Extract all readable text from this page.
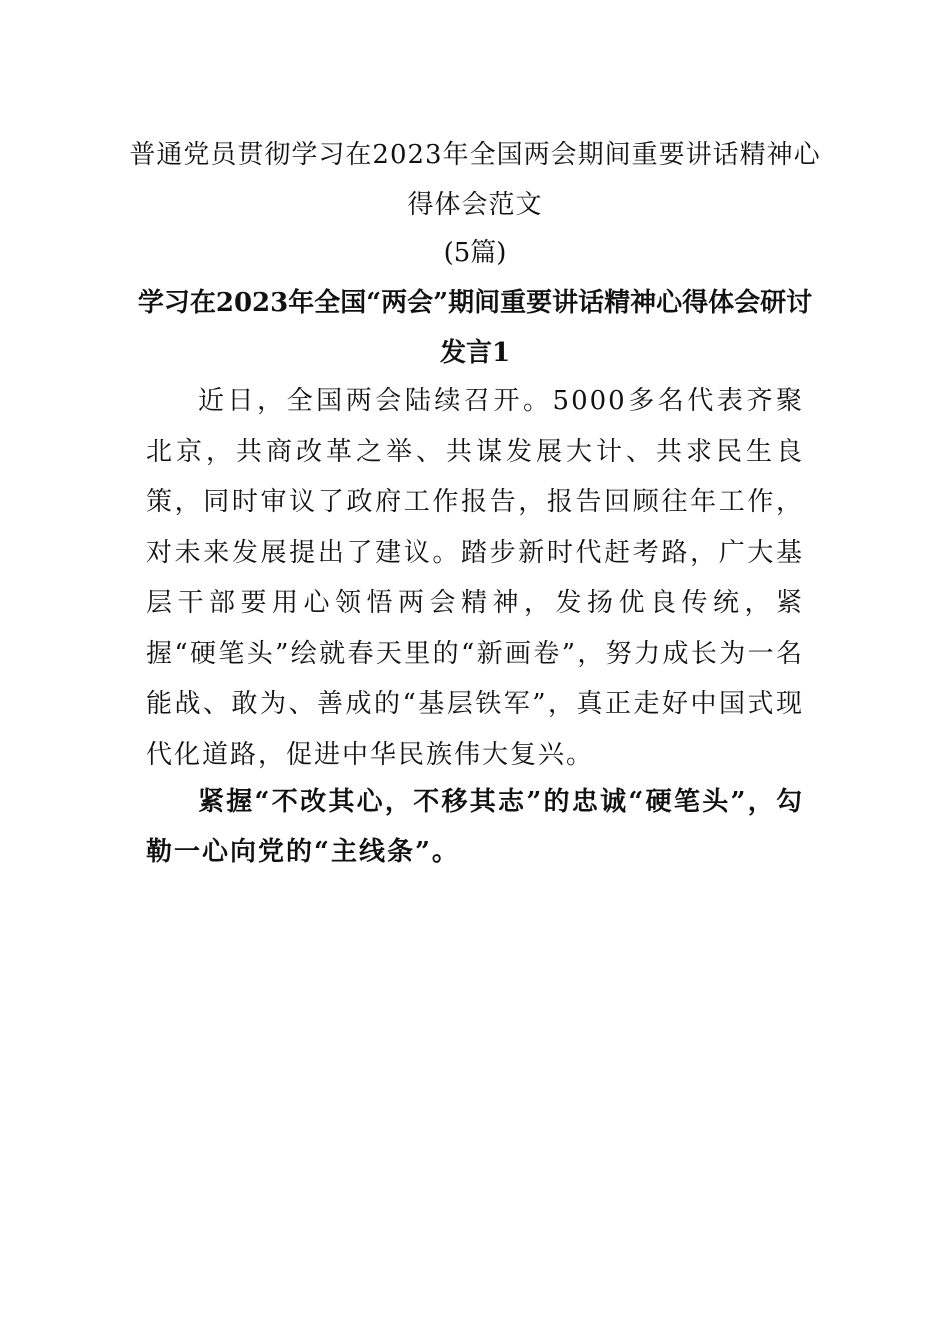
普通党员贯彻学习在2023年全国两会期间重要讲话精神心得体会范文
(5篇)
学习在2023年全国“两会”期间重要讲话精神心得体会研讨发言1

近日，全国两会陆续召开。5000多名代表齐聚北京，共商改革之举、共谋发展大计、共求民生良策，同时审议了政府工作报告，报告回顾往年工作，对未来发展提出了建议。踏步新时代赶考路，广大基层干部要用心领悟两会精神，发扬优良传统，紧握“硬笔头”绘就春天里的“新画卷”，努力成长为一名能战、敢为、善成的“基层铁军”，真正走好中国式现代化道路，促进中华民族伟大复兴。

紧握“不改其心，不移其志”的忠诚“硬笔头”，勾勒一心向党的“主线条”。
